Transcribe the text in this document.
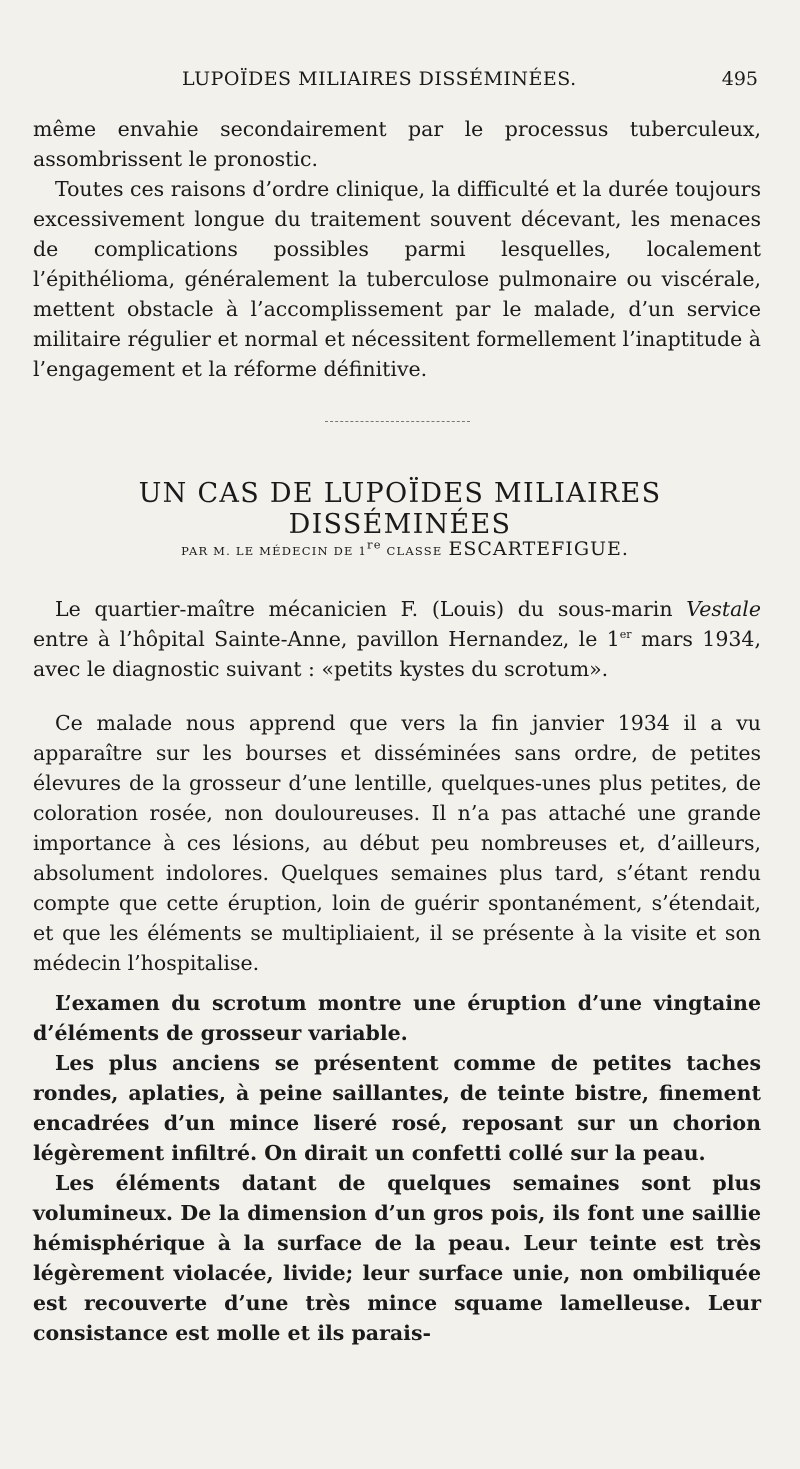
LUPOÏDES MILIAIRES DISSÉMINÉES.	495

même envahie secondairement par le processus tuberculeux, assombrissent le pronostic.

Toutes ces raisons d’ordre clinique, la difficulté et la durée toujours excessivement longue du traitement souvent décevant, les menaces de complications possibles parmi lesquelles, localement l’épithélioma, généralement la tuberculose pulmonaire ou viscérale, mettent obstacle à l’accomplissement par le malade, d’un service militaire régulier et normal et nécessitent formellement l’inaptitude à l’engagement et la réforme définitive.

UN CAS DE LUPOÏDES MILIAIRES DISSÉMINÉES
PAR M. LE MÉDECIN DE 1re CLASSE ESCARTEFIGUE.

Le quartier-maître mécanicien F. (Louis) du sous-marin Vestale entre à l’hôpital Sainte-Anne, pavillon Hernandez, le 1er mars 1934, avec le diagnostic suivant : «petits kystes du scrotum».

Ce malade nous apprend que vers la fin janvier 1934 il a vu apparaître sur les bourses et disséminées sans ordre, de petites élevures de la grosseur d’une lentille, quelques-unes plus petites, de coloration rosée, non douloureuses. Il n’a pas attaché une grande importance à ces lésions, au début peu nombreuses et, d’ailleurs, absolument indolores. Quelques semaines plus tard, s’étant rendu compte que cette éruption, loin de guérir spontanément, s’étendait, et que les éléments se multipliaient, il se présente à la visite et son médecin l’hospitalise.

L’examen du scrotum montre une éruption d’une vingtaine d’éléments de grosseur variable.

Les plus anciens se présentent comme de petites taches rondes, aplaties, à peine saillantes, de teinte bistre, finement encadrées d’un mince liseré rosé, reposant sur un chorion légèrement infiltré. On dirait un confetti collé sur la peau.

Les éléments datant de quelques semaines sont plus volumineux. De la dimension d’un gros pois, ils font une saillie hémisphérique à la surface de la peau. Leur teinte est très légèrement violacée, livide; leur surface unie, non ombiliquée est recouverte d’une très mince squame lamelleuse. Leur consistance est molle et ils parais-
